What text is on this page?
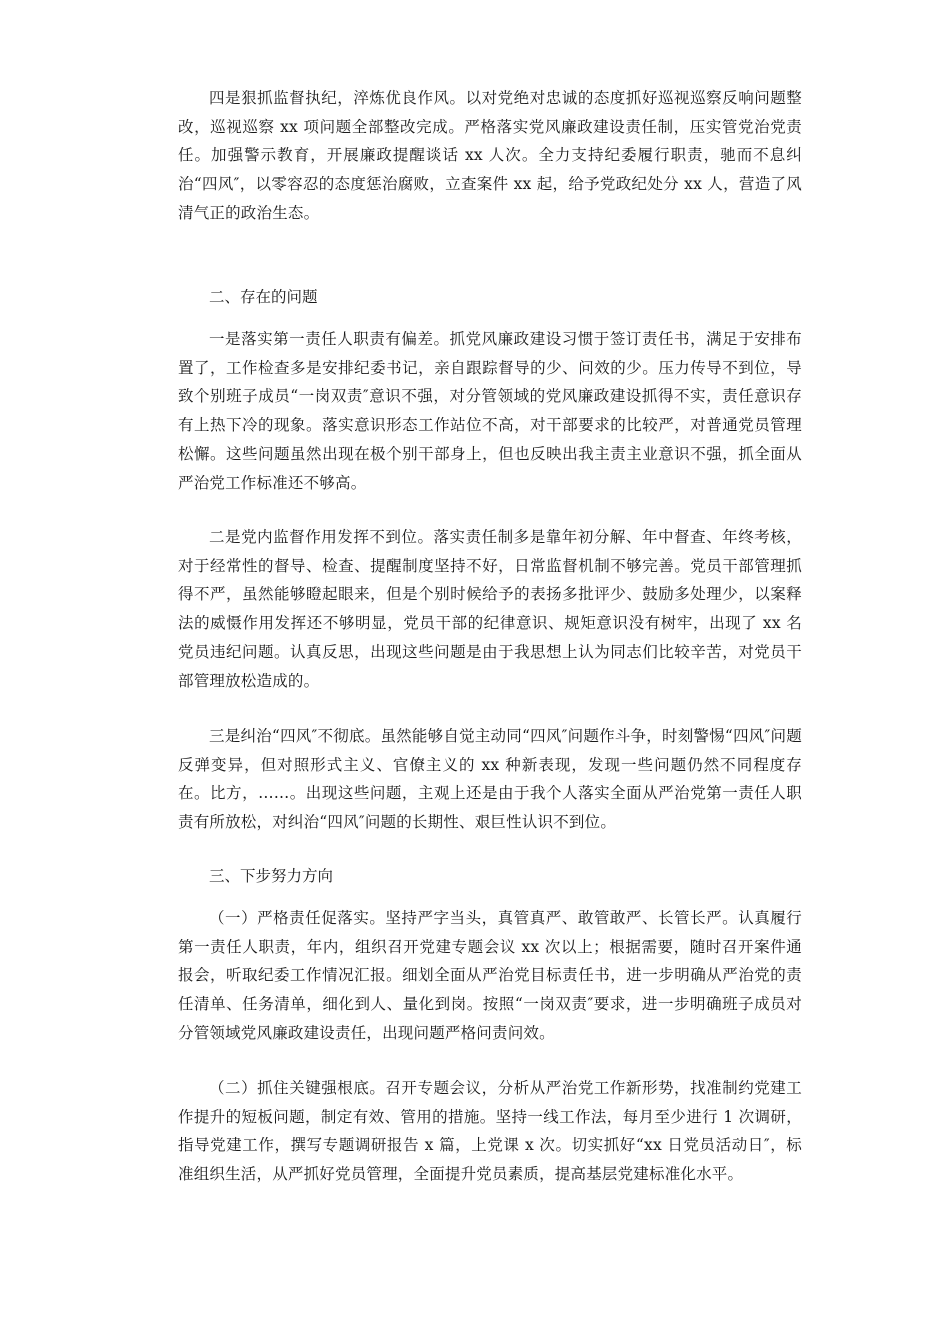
四是狠抓监督执纪，淬炼优良作风。以对党绝对忠诚的态度抓好巡视巡察反响问题整改，巡视巡察 xx 项问题全部整改完成。严格落实党风廉政建设责任制，压实管党治党责任。加强警示教育，开展廉政提醒谈话 xx 人次。全力支持纪委履行职责，驰而不息纠治“四风″，以零容忍的态度惩治腐败，立查案件 xx 起，给予党政纪处分 xx 人，营造了风清气正的政治生态。

二、存在的问题

一是落实第一责任人职责有偏差。抓党风廉政建设习惯于签订责任书，满足于安排布置了，工作检查多是安排纪委书记，亲自跟踪督导的少、问效的少。压力传导不到位，导致个别班子成员“一岗双责″意识不强，对分管领域的党风廉政建设抓得不实，责任意识存有上热下冷的现象。落实意识形态工作站位不高，对干部要求的比较严，对普通党员管理松懈。这些问题虽然出现在极个别干部身上，但也反映出我主责主业意识不强，抓全面从严治党工作标准还不够高。

二是党内监督作用发挥不到位。落实责任制多是靠年初分解、年中督查、年终考核，对于经常性的督导、检查、提醒制度坚持不好，日常监督机制不够完善。党员干部管理抓得不严，虽然能够瞪起眼来，但是个别时候给予的表扬多批评少、鼓励多处理少，以案释法的威慑作用发挥还不够明显，党员干部的纪律意识、规矩意识没有树牢，出现了 xx 名党员违纪问题。认真反思，出现这些问题是由于我思想上认为同志们比较辛苦，对党员干部管理放松造成的。

三是纠治“四风″不彻底。虽然能够自觉主动同“四风″问题作斗争，时刻警惕“四风″问题反弹变异，但对照形式主义、官僚主义的 xx 种新表现，发现一些问题仍然不同程度存在。比方，……。出现这些问题，主观上还是由于我个人落实全面从严治党第一责任人职责有所放松，对纠治“四风″问题的长期性、艰巨性认识不到位。

三、下步努力方向

（一）严格责任促落实。坚持严字当头，真管真严、敢管敢严、长管长严。认真履行第一责任人职责，年内，组织召开党建专题会议 xx 次以上；根据需要，随时召开案件通报会，听取纪委工作情况汇报。细划全面从严治党目标责任书，进一步明确从严治党的责任清单、任务清单，细化到人、量化到岗。按照“一岗双责″要求，进一步明确班子成员对分管领域党风廉政建设责任，出现问题严格问责问效。

（二）抓住关键强根底。召开专题会议，分析从严治党工作新形势，找准制约党建工作提升的短板问题，制定有效、管用的措施。坚持一线工作法，每月至少进行 1 次调研，指导党建工作，撰写专题调研报告 x 篇，上党课 x 次。切实抓好“xx 日党员活动日″，标准组织生活，从严抓好党员管理，全面提升党员素质，提高基层党建标准化水平。
